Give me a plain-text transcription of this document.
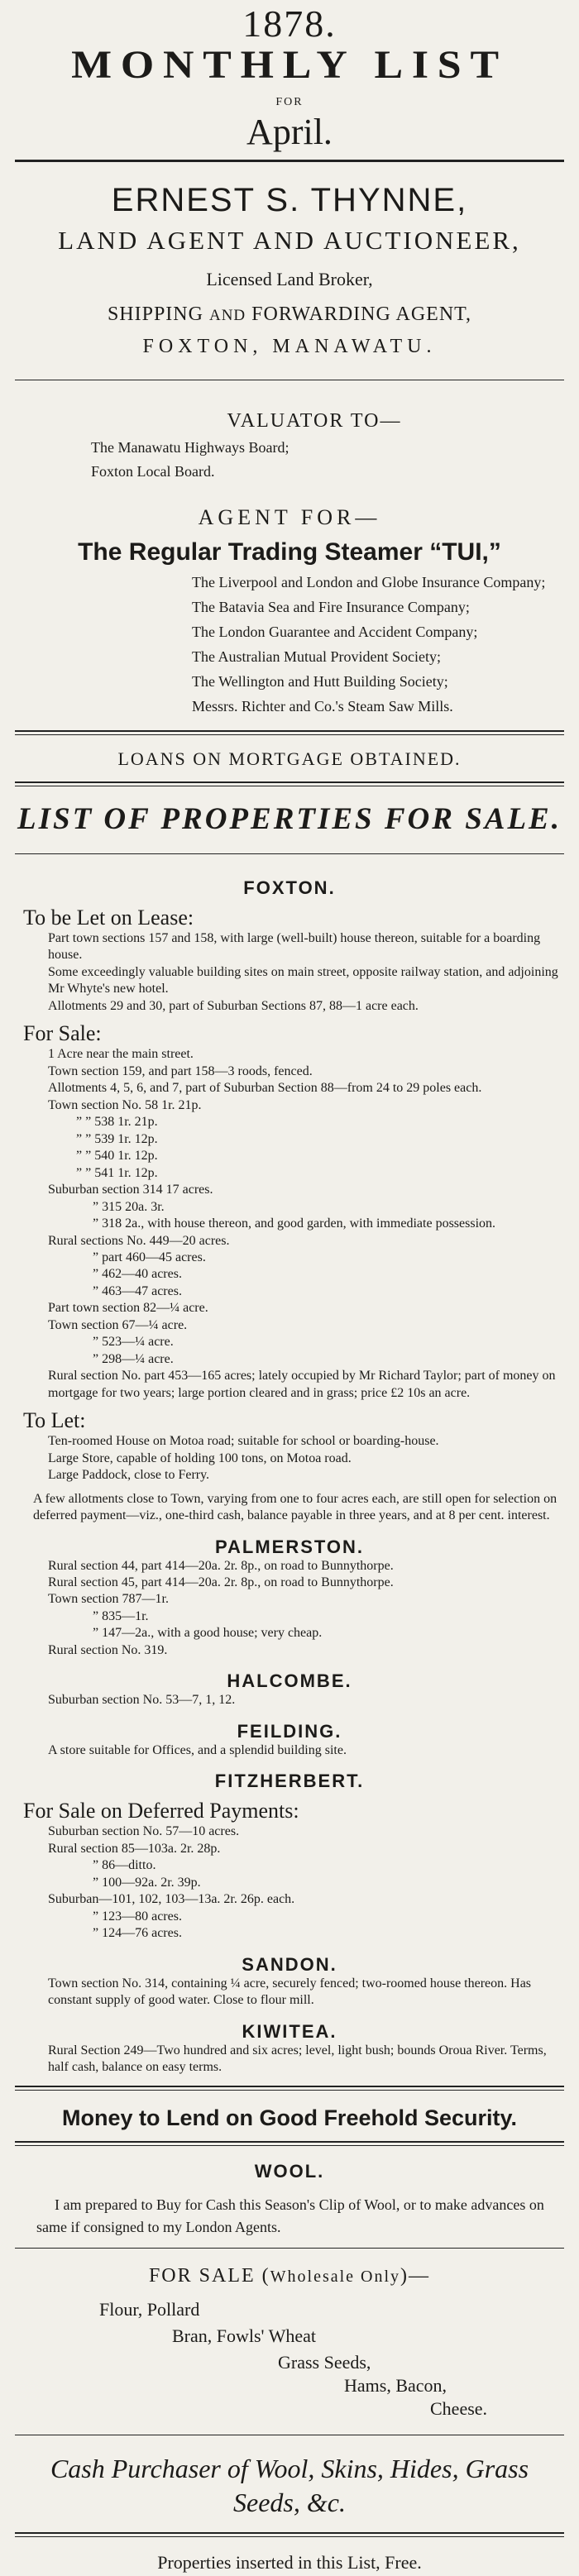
1878.
MONTHLY LIST
FOR
April.
ERNEST S. THYNNE,
LAND AGENT AND AUCTIONEER,
Licensed Land Broker,
SHIPPING AND FORWARDING AGENT,
FOXTON, MANAWATU.
VALUATOR TO—
The Manawatu Highways Board;
Foxton Local Board.
AGENT FOR—
The Regular Trading Steamer “TUI,”
The Liverpool and London and Globe Insurance Company;
The Batavia Sea and Fire Insurance Company;
The London Guarantee and Accident Company;
The Australian Mutual Provident Society;
The Wellington and Hutt Building Society;
Messrs. Richter and Co.'s Steam Saw Mills.
LOANS ON MORTGAGE OBTAINED.
LIST OF PROPERTIES FOR SALE.
FOXTON.
To be Let on Lease:
Part town sections 157 and 158, with large (well-built) house thereon, suitable for a boarding house.
Some exceedingly valuable building sites on main street, opposite railway station, and adjoining Mr Whyte's new hotel.
Allotments 29 and 30, part of Suburban Sections 87, 88—1 acre each.
For Sale:
1 Acre near the main street.
Town section 159, and part 158—3 roods, fenced.
Allotments 4, 5, 6, and 7, part of Suburban Section 88—from 24 to 29 poles each.
Town section No. 58 1r. 21p.
” ” 538 1r. 21p.
” ” 539 1r. 12p.
” ” 540 1r. 12p.
” ” 541 1r. 12p.
Suburban section 314 17 acres.
” 315 20a. 3r.
” 318 2a., with house thereon, and good garden, with immediate possession.
Rural sections No. 449—20 acres.
” part 460—45 acres.
” 462—40 acres.
” 463—47 acres.
Part town section 82—¼ acre.
Town section 67—¼ acre.
” 523—¼ acre.
” 298—¼ acre.
Rural section No. part 453—165 acres; lately occupied by Mr Richard Taylor; part of money on mortgage for two years; large portion cleared and in grass; price £2 10s an acre.
To Let:
Ten-roomed House on Motoa road; suitable for school or boarding-house.
Large Store, capable of holding 100 tons, on Motoa road.
Large Paddock, close to Ferry.
A few allotments close to Town, varying from one to four acres each, are still open for selection on deferred payment—viz., one-third cash, balance payable in three years, and at 8 per cent. interest.
PALMERSTON.
Rural section 44, part 414—20a. 2r. 8p., on road to Bunnythorpe.
Rural section 45, part 414—20a. 2r. 8p., on road to Bunnythorpe.
Town section 787—1r.
” 835—1r.
” 147—2a., with a good house; very cheap.
Rural section No. 319.
HALCOMBE.
Suburban section No. 53—7, 1, 12.
FEILDING.
A store suitable for Offices, and a splendid building site.
FITZHERBERT.
For Sale on Deferred Payments:
Suburban section No. 57—10 acres.
Rural section 85—103a. 2r. 28p.
” 86—ditto.
” 100—92a. 2r. 39p.
Suburban—101, 102, 103—13a. 2r. 26p. each.
” 123—80 acres.
” 124—76 acres.
SANDON.
Town section No. 314, containing ¼ acre, securely fenced; two-roomed house thereon. Has constant supply of good water. Close to flour mill.
KIWITEA.
Rural Section 249—Two hundred and six acres; level, light bush; bounds Oroua River. Terms, half cash, balance on easy terms.
Money to Lend on Good Freehold Security.
WOOL.
I am prepared to Buy for Cash this Season's Clip of Wool, or to make advances on same if consigned to my London Agents.
FOR SALE (Wholesale Only)—
Flour, Pollard
Bran, Fowls' Wheat
Grass Seeds,
Hams, Bacon,
Cheese.
Cash Purchaser of Wool, Skins, Hides, Grass Seeds, &c.
Properties inserted in this List, Free.
